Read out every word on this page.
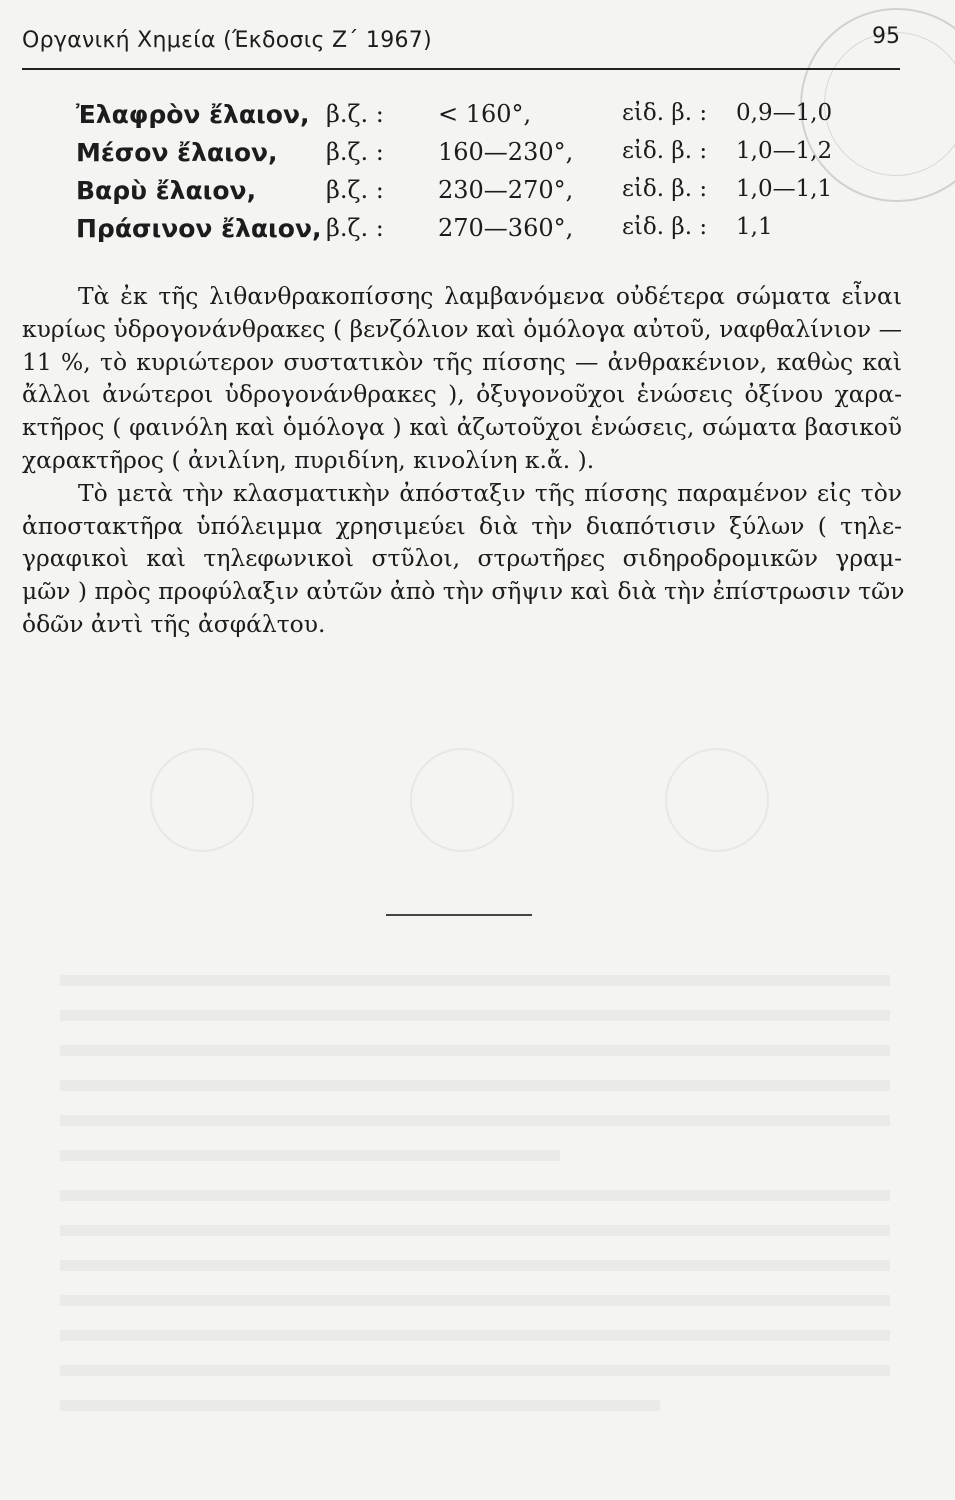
Οργανική Χημεία (Έκδοσις Ζ΄ 1967)	95
Ἐλαφρὸν ἔλαιον, β.ζ. : < 160°,	εἰδ. β. : 0,9—1,0
Μέσον ἔλαιον, β.ζ. : 160—230°, εἰδ. β. : 1,0—1,2
Βαρὺ ἔλαιον,	β.ζ. : 230—270°, εἰδ. β. : 1,0—1,1
Πράσινον ἔλαιον, β.ζ. : 270—360°, εἰδ. β. : 1,1
Τὰ ἐκ τῆς λιθανθρακοπίσσης λαμβανόμενα οὐδέτερα σώματα εἶναι
κυρίως ὑδρογονάνθρακες ( βενζόλιον καὶ ὁμόλογα αὐτοῦ, ναφθαλίνιον —
11 %, τὸ κυριώτερον συστατικὸν τῆς πίσσης — ἀνθρακένιον, καθὼς καὶ
ἄλλοι ἀνώτεροι ὑδρογονάνθρακες ), ὀξυγονοῦχοι ἑνώσεις ὀξίνου χαρα-
κτῆρος ( φαινόλη καὶ ὁμόλογα ) καὶ ἀζωτοῦχοι ἑνώσεις, σώματα βασικοῦ
χαρακτῆρος ( ἀνιλίνη, πυριδίνη, κινολίνη κ.ἄ. ).
Τὸ μετὰ τὴν κλασματικὴν ἀπόσταξιν τῆς πίσσης παραμένον εἰς τὸν
ἀποστακτῆρα ὑπόλειμμα χρησιμεύει διὰ τὴν διαπότισιν ξύλων ( τηλε-
γραφικοὶ καὶ τηλεφωνικοὶ στῦλοι, στρωτῆρες σιδηροδρομικῶν γραμ-
μῶν ) πρὸς προφύλαξιν αὐτῶν ἀπὸ τὴν σῆψιν καὶ διὰ τὴν ἐπίστρωσιν τῶν
ὁδῶν ἀντὶ τῆς ἀσφάλτου.
